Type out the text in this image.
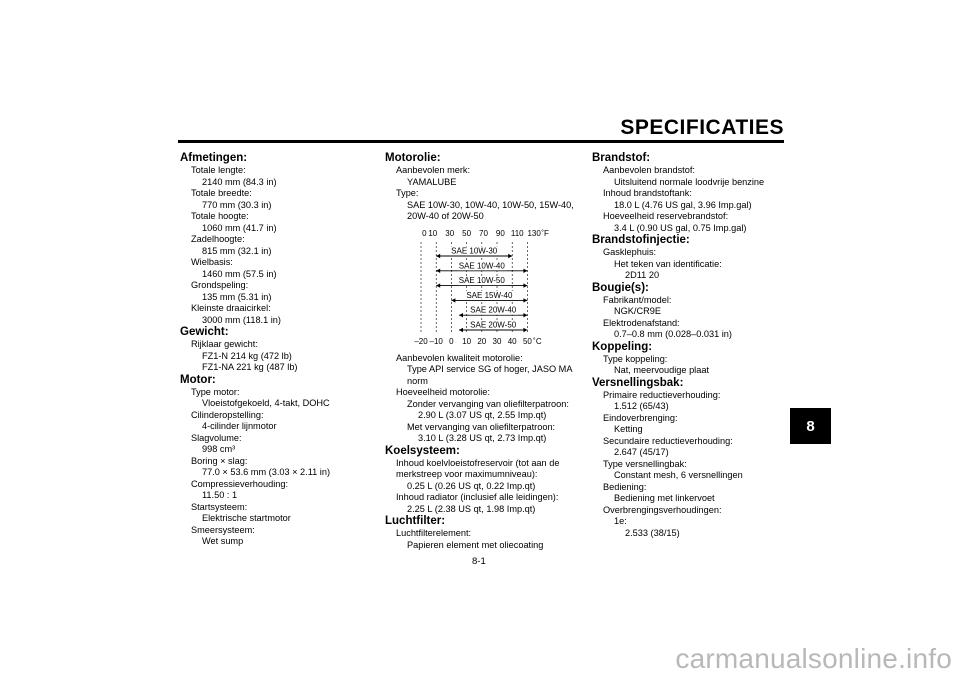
SPECIFICATIES
8
Afmetingen:
Totale lengte:
2140 mm (84.3 in)
Totale breedte:
770 mm (30.3 in)
Totale hoogte:
1060 mm (41.7 in)
Zadelhoogte:
815 mm (32.1 in)
Wielbasis:
1460 mm (57.5 in)
Grondspeling:
135 mm (5.31 in)
Kleinste draaicirkel:
3000 mm (118.1 in)
Gewicht:
Rijklaar gewicht:
FZ1-N 214 kg (472 lb)
FZ1-NA 221 kg (487 lb)
Motor:
Type motor:
Vloeistofgekoeld, 4-takt, DOHC
Cilinderopstelling:
4-cilinder lijnmotor
Slagvolume:
998 cm³
Boring × slag:
77.0 × 53.6 mm (3.03 × 2.11 in)
Compressieverhouding:
11.50 : 1
Startsysteem:
Elektrische startmotor
Smeersysteem:
Wet sump
Motorolie:
Aanbevolen merk:
YAMALUBE
Type:
SAE 10W-30, 10W-40, 10W-50, 15W-40,
20W-40 of 20W-50
–20 –10 0 10 20 30 40 50 ˚C
0 10 30 50 70 90 110 130 ˚F
SAE 10W-30
SAE 10W-40
SAE 10W-50
SAE 15W-40
SAE 20W-40
SAE 20W-50
Aanbevolen kwaliteit motorolie:
Type API service SG of hoger, JASO MA
norm
Hoeveelheid motorolie:
Zonder vervanging van oliefilterpatroon:
2.90 L (3.07 US qt, 2.55 Imp.qt)
Met vervanging van oliefilterpatroon:
3.10 L (3.28 US qt, 2.73 Imp.qt)
Koelsysteem:
Inhoud koelvloeistofreservoir (tot aan de
merkstreep voor maximumniveau):
0.25 L (0.26 US qt, 0.22 Imp.qt)
Inhoud radiator (inclusief alle leidingen):
2.25 L (2.38 US qt, 1.98 Imp.qt)
Luchtfilter:
Luchtfilterelement:
Papieren element met oliecoating
Brandstof:
Aanbevolen brandstof:
Uitsluitend normale loodvrije benzine
Inhoud brandstoftank:
18.0 L (4.76 US gal, 3.96 Imp.gal)
Hoeveelheid reservebrandstof:
3.4 L (0.90 US gal, 0.75 Imp.gal)
Brandstofinjectie:
Gasklephuis:
Het teken van identificatie:
2D11 20
Bougie(s):
Fabrikant/model:
NGK/CR9E
Elektrodenafstand:
0.7–0.8 mm (0.028–0.031 in)
Koppeling:
Type koppeling:
Nat, meervoudige plaat
Versnellingsbak:
Primaire reductieverhouding:
1.512 (65/43)
Eindoverbrenging:
Ketting
Secundaire reductieverhouding:
2.647 (45/17)
Type versnellingbak:
Constant mesh, 6 versnellingen
Bediening:
Bediening met linkervoet
Overbrengingsverhoudingen:
1e:
2.533 (38/15)
8-1
carmanualsonline.info
